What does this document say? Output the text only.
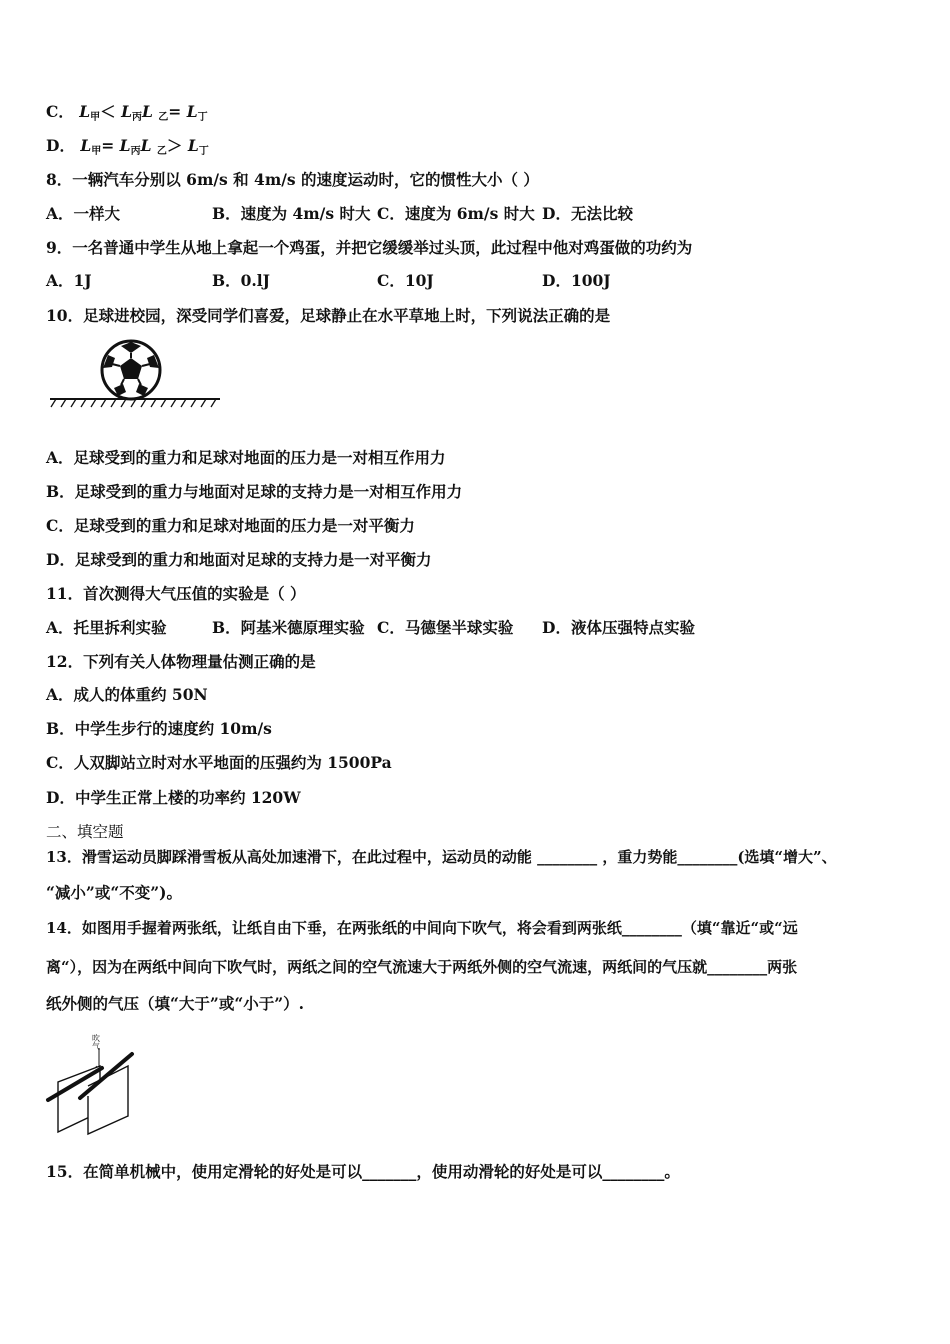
C． $L_甲< L_丙L$ $_乙= L_丁$
D． $L_甲= L_丙L$ $_乙> L_丁$
8．一辆汽车分别以 6m/s 和 4m/s 的速度运动时，它的惯性大小（ ）
A．一样大	B．速度为 4m/s 时大 C．速度为 6m/s 时大 D．无法比较
9．一名普通中学生从地上拿起一个鸡蛋，并把它缓缓举过头顶，此过程中他对鸡蛋做的功约为
A．1J	B．0.lJ	C．10J	D．100J
10．足球进校园，深受同学们喜爱，足球静止在水平草地上时，下列说法正确的是
A．足球受到的重力和足球对地面的压力是一对相互作用力
B．足球受到的重力与地面对足球的支持力是一对相互作用力
C．足球受到的重力和足球对地面的压力是一对平衡力
D．足球受到的重力和地面对足球的支持力是一对平衡力
11．首次测得大气压值的实验是（ ）
A．托里拆利实验	B．阿基米德原理实验 C．马德堡半球实验 D．液体压强特点实验
12．下列有关人体物理量估测正确的是
A．成人的体重约 50N
B．中学生步行的速度约 10m/s
C．人双脚站立时对水平地面的压强约为 1500Pa
D．中学生正常上楼的功率约 120W
二、填空题
13．滑雪运动员脚踩滑雪板从高处加速滑下，在此过程中，运动员的动能 ________ ，重力势能________(选填“增大”、
“减小”或“不变”)。
14．如图用手握着两张纸，让纸自由下垂，在两张纸的中间向下吹气，将会看到两张纸________（填“靠近“或“远
离“），因为在两纸中间向下吹气时，两纸之间的空气流速大于两纸外侧的空气流速，两纸间的气压就________两张
纸外侧的气压（填“大于”或“小于”）.
吹气
15．在简单机械中，使用定滑轮的好处是可以_______，使用动滑轮的好处是可以________。
